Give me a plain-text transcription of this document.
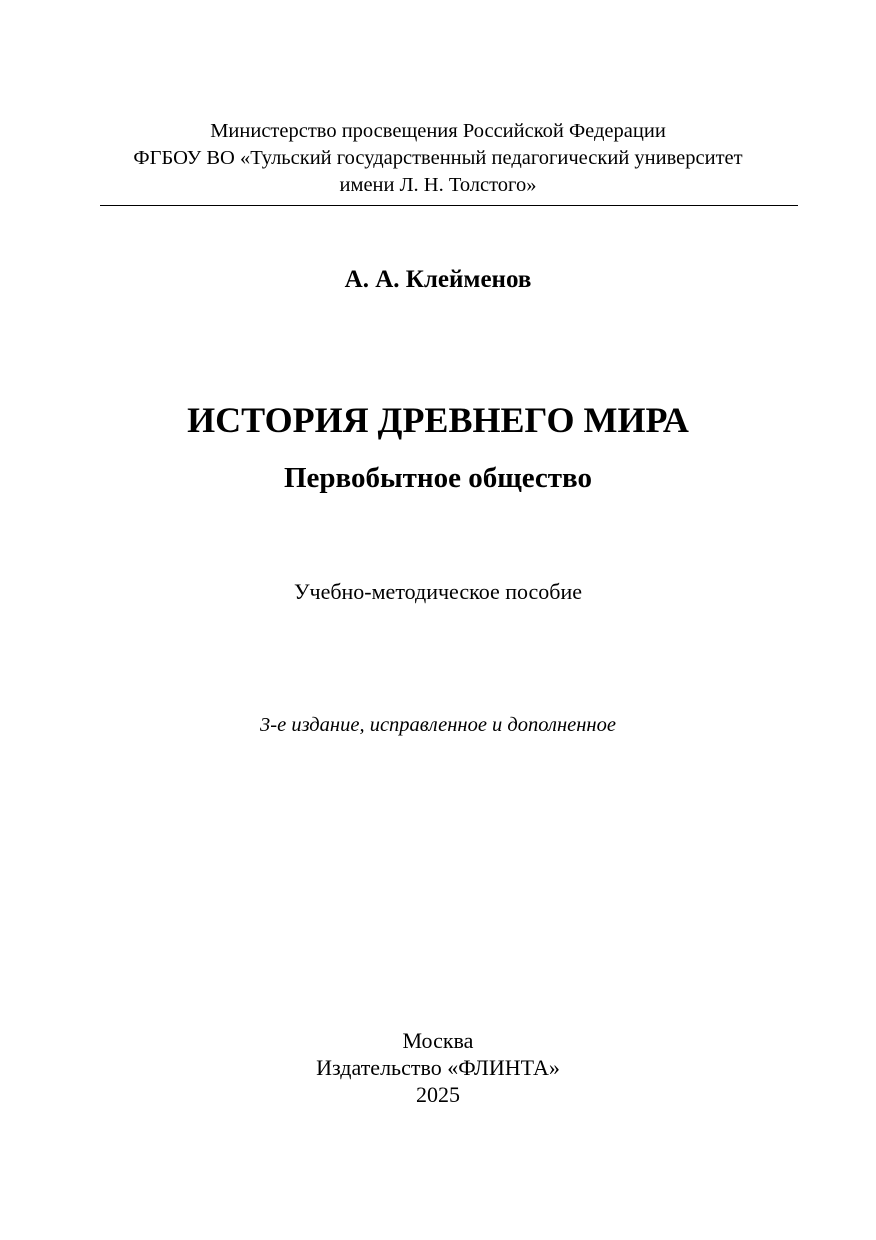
Министерство просвещения Российской Федерации
ФГБОУ ВО «Тульский государственный педагогический университет
имени Л. Н. Толстого»
А. А. Клейменов
ИСТОРИЯ ДРЕВНЕГО МИРА
Первобытное общество
Учебно-методическое пособие
3-е издание, исправленное и дополненное
Москва
Издательство «ФЛИНТА»
2025
